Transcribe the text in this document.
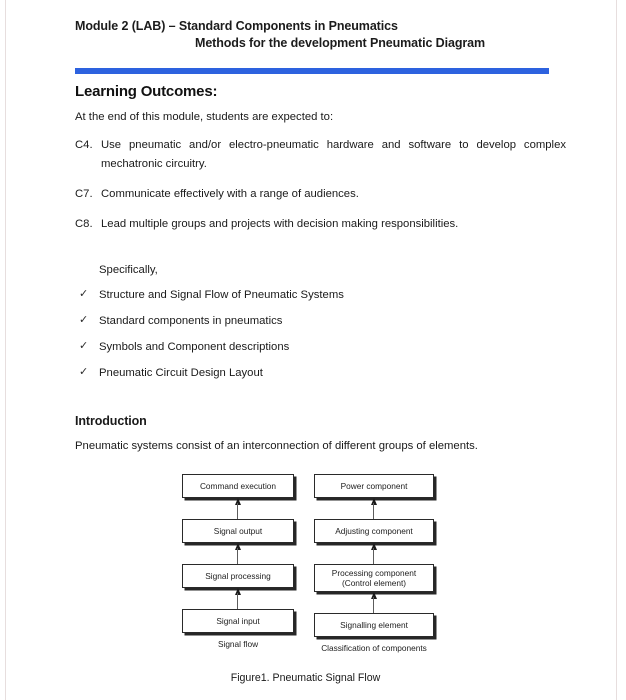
Module 2 (LAB) – Standard Components in Pneumatics
Methods for the development Pneumatic Diagram
Learning Outcomes:
At the end of this module, students are expected to:
C4. Use pneumatic and/or electro-pneumatic hardware and software to develop complex mechatronic circuitry.
C7. Communicate effectively with a range of audiences.
C8. Lead multiple groups and projects with decision making responsibilities.
Specifically,
✓ Structure and Signal Flow of Pneumatic Systems
✓ Standard components in pneumatics
✓ Symbols and Component descriptions
✓ Pneumatic Circuit Design Layout
Introduction
Pneumatic systems consist of an interconnection of different groups of elements.
Command execution
Signal output
Signal processing
Signal input
Signal flow
Power component
Adjusting component
Processing component
(Control element)
Signalling element
Classification of components
Figure1. Pneumatic Signal Flow
